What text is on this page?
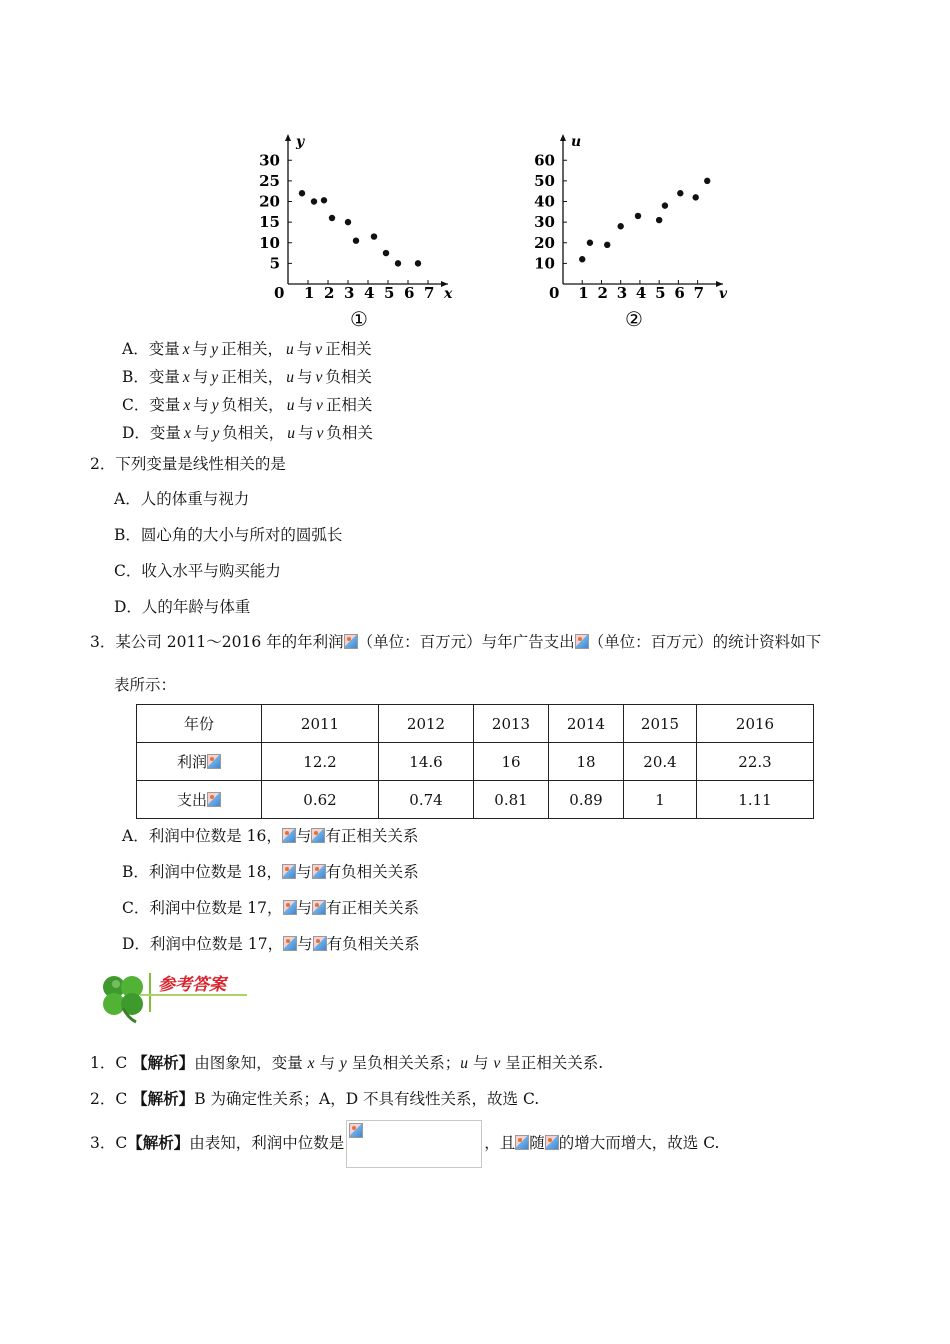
0 1 2 3 4 5 6 7
5
10
15
20
25
30
x
y
①
0 1 2 3 4 5 6 7
10
20
30
40
50
60
v
u
②
A．变量 x 与 y 正相关， u 与 v 正相关
B．变量 x 与 y 正相关， u 与 v 负相关
C．变量 x 与 y 负相关， u 与 v 正相关
D．变量 x 与 y 负相关， u 与 v 负相关
2．下列变量是线性相关的是
A．人的体重与视力
B．圆心角的大小与所对的圆弧长
C．收入水平与购买能力
D．人的年龄与体重
3．某公司 2011～2016 年的年利润 （单位：百万元）与年广告支出 （单位：百万元）的统计资料如下
表所示：
年份	2011	2012	2013	2014	2015	2016
利润	12.2	14.6	16	18	20.4	22.3
支出	0.62	0.74	0.81	0.89	1	1.11
A．利润中位数是 16， 与 有正相关关系
B．利润中位数是 18， 与 有负相关关系
C．利润中位数是 17， 与 有正相关关系
D．利润中位数是 17， 与 有负相关关系
参考答案
1．C 【解析】由图象知，变量 x 与 y 呈负相关关系；u 与 v 呈正相关关系.
2．C 【解析】B 为确定性关系；A，D 不具有线性关系，故选 C.
3．C【解析】由表知，利润中位数是	，且 随 的增大而增大，故选 C.
